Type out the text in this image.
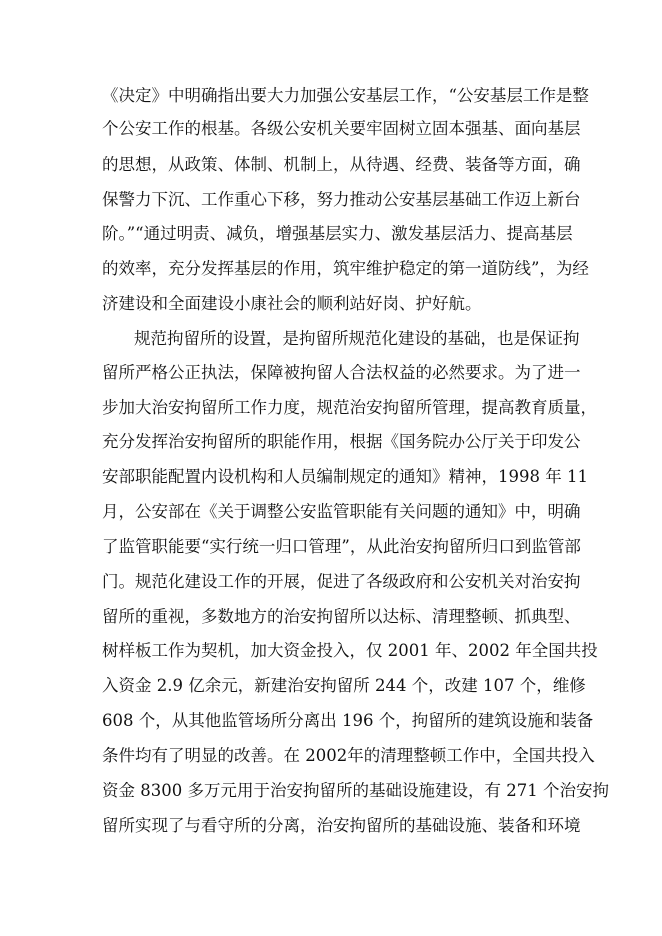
《决定》中明确指出要大力加强公安基层工作，“公安基层工作是整
个公安工作的根基。各级公安机关要牢固树立固本强基、面向基层
的思想，从政策、体制、机制上，从待遇、经费、装备等方面，确
保警力下沉、工作重心下移，努力推动公安基层基础工作迈上新台
阶。”“通过明责、减负，增强基层实力、激发基层活力、提高基层
的效率，充分发挥基层的作用，筑牢维护稳定的第一道防线”，为经
济建设和全面建设小康社会的顺利站好岗、护好航。
规范拘留所的设置，是拘留所规范化建设的基础，也是保证拘
留所严格公正执法，保障被拘留人合法权益的必然要求。为了进一
步加大治安拘留所工作力度，规范治安拘留所管理，提高教育质量，
充分发挥治安拘留所的职能作用，根据《国务院办公厅关于印发公
安部职能配置内设机构和人员编制规定的通知》精神，1998 年 11
月，公安部在《关于调整公安监管职能有关问题的通知》中，明确
了监管职能要“实行统一归口管理”，从此治安拘留所归口到监管部
门。规范化建设工作的开展，促进了各级政府和公安机关对治安拘
留所的重视，多数地方的治安拘留所以达标、清理整顿、抓典型、
树样板工作为契机，加大资金投入，仅 2001 年、2002 年全国共投
入资金 2.9 亿余元，新建治安拘留所 244 个，改建 107 个，维修
608 个，从其他监管场所分离出 196 个，拘留所的建筑设施和装备
条件均有了明显的改善。在 2002年的清理整顿工作中，全国共投入
资金 8300 多万元用于治安拘留所的基础设施建设，有 271 个治安拘
留所实现了与看守所的分离，治安拘留所的基础设施、装备和环境
